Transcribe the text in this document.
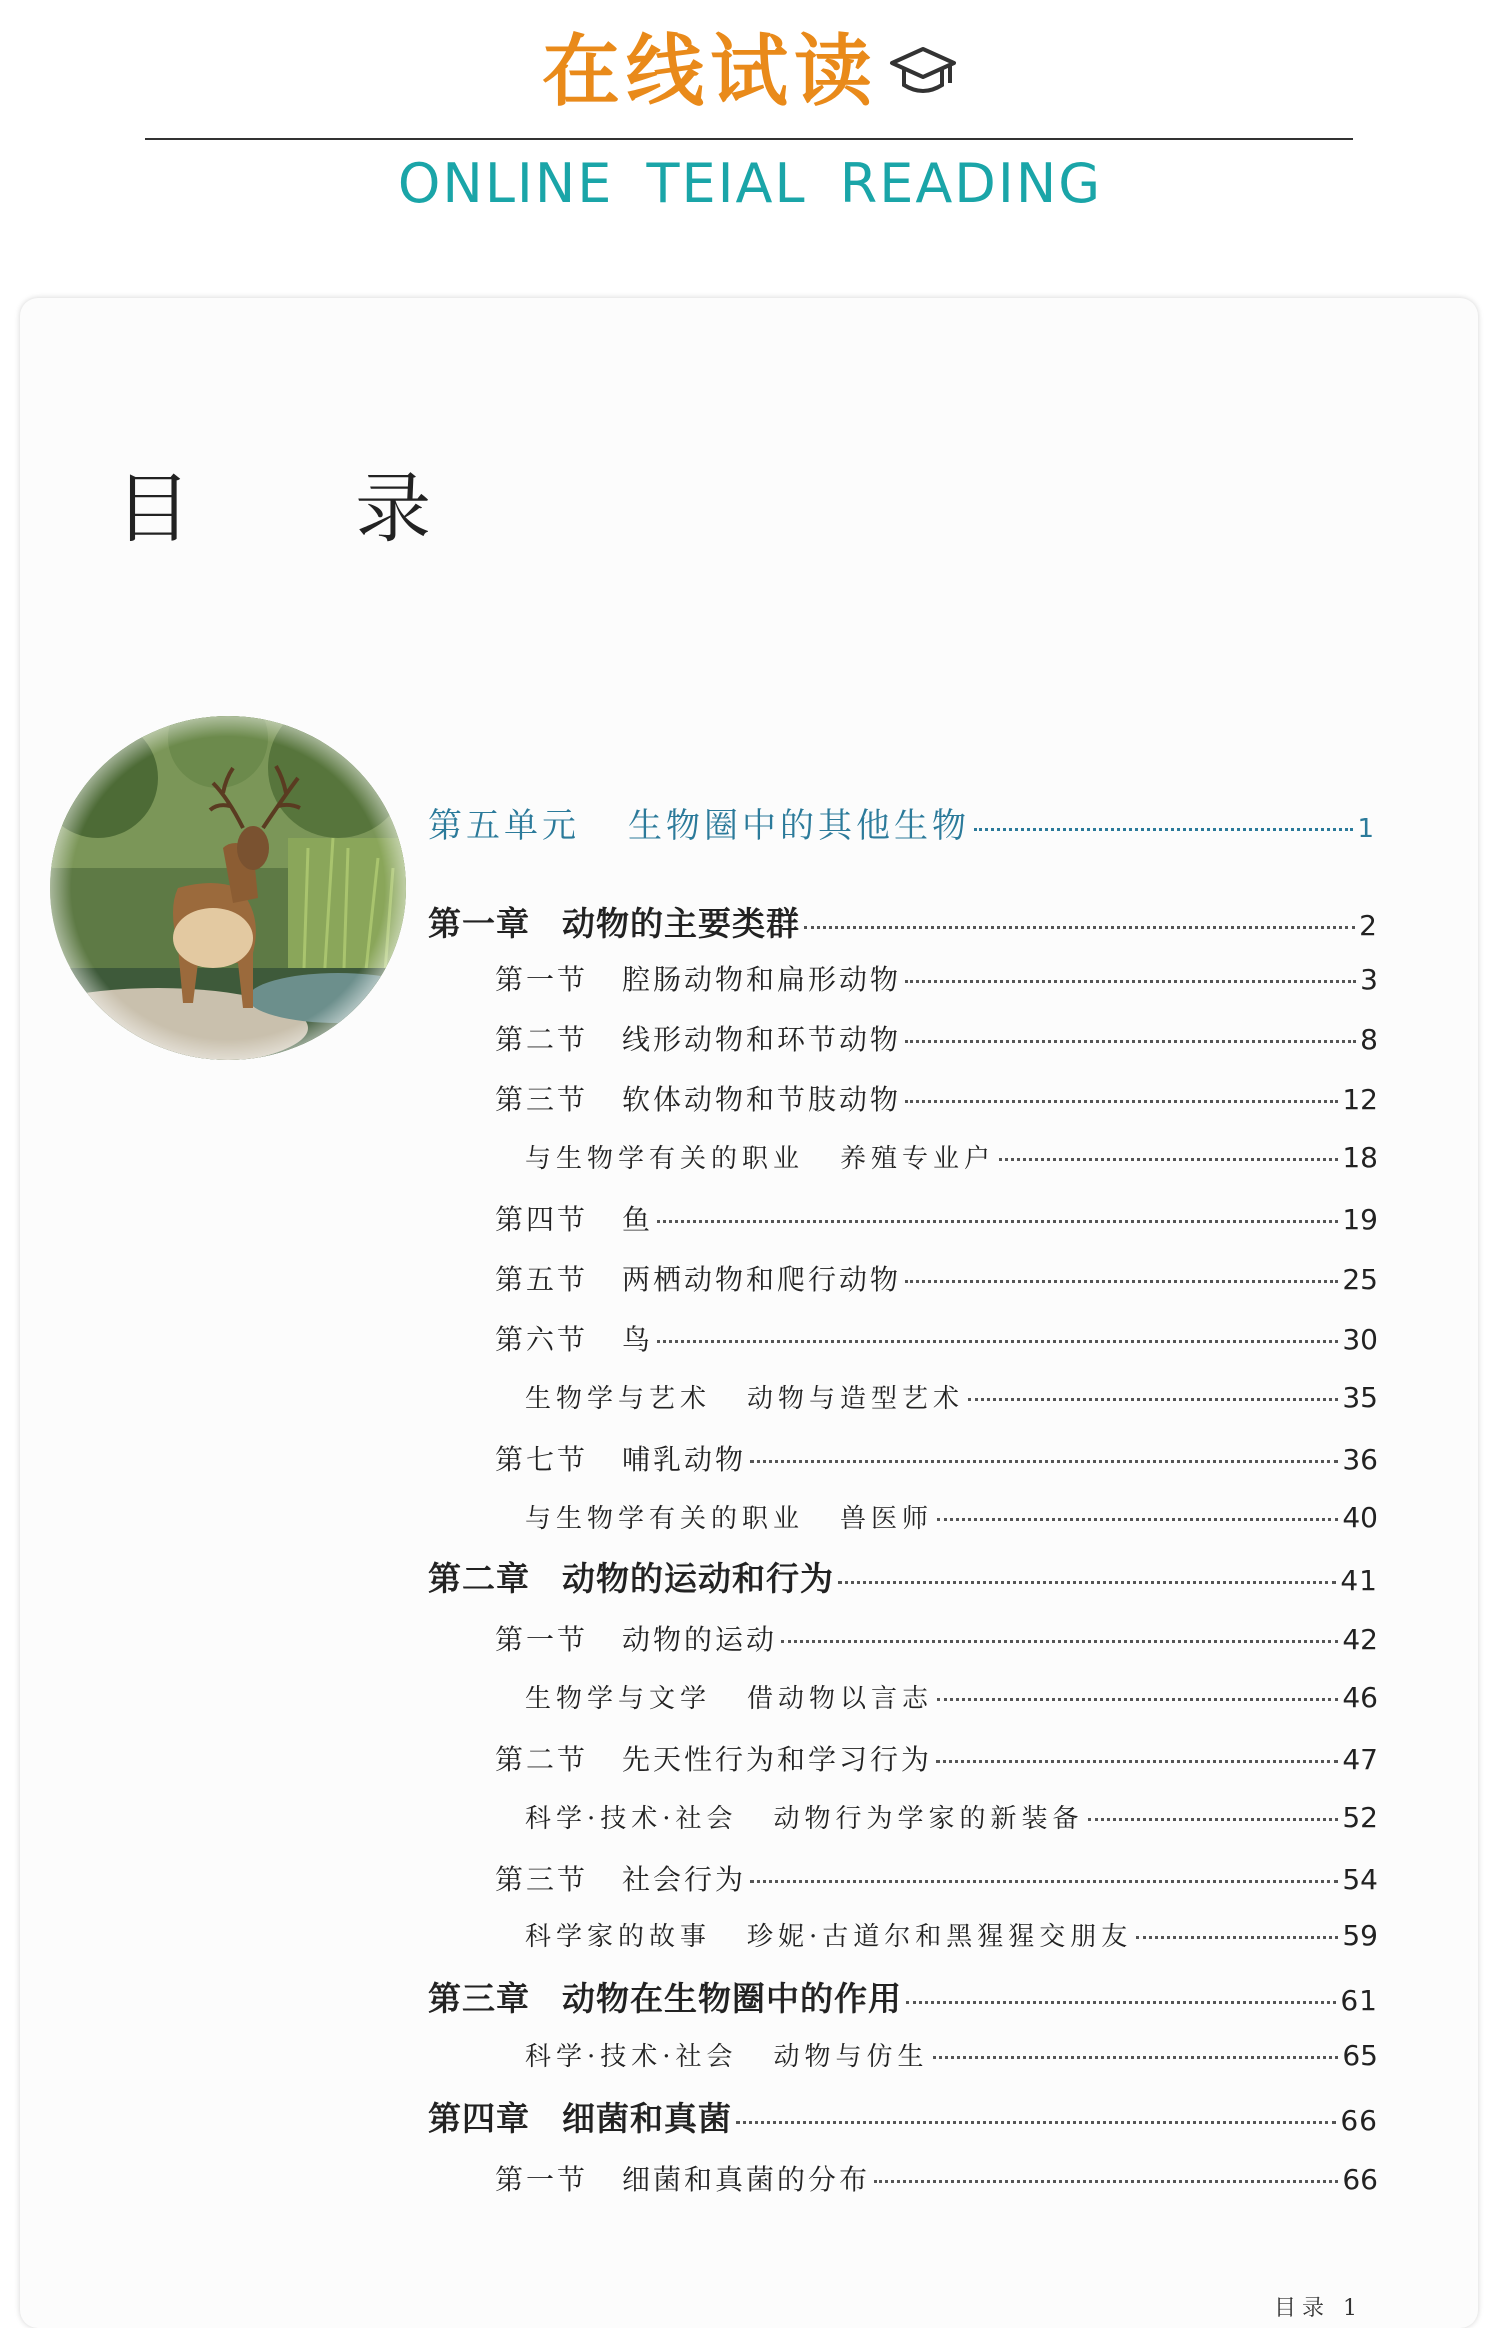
在线试读
ONLINE TEIAL READING
目 录
第五单元 生物圈中的其他生物	1
第一章 动物的主要类群	2
第一节 腔肠动物和扁形动物	3
第二节 线形动物和环节动物	8
第三节 软体动物和节肢动物	12
与生物学有关的职业 养殖专业户	18
第四节 鱼	19
第五节 两栖动物和爬行动物	25
第六节 鸟	30
生物学与艺术 动物与造型艺术	35
第七节 哺乳动物	36
与生物学有关的职业 兽医师	40
第二章 动物的运动和行为	41
第一节 动物的运动	42
生物学与文学 借动物以言志	46
第二节 先天性行为和学习行为	47
科学·技术·社会 动物行为学家的新装备	52
第三节 社会行为	54
科学家的故事 珍妮·古道尔和黑猩猩交朋友	59
第三章 动物在生物圈中的作用	61
科学·技术·社会 动物与仿生	65
第四章 细菌和真菌	66
第一节 细菌和真菌的分布	66
目录 1
